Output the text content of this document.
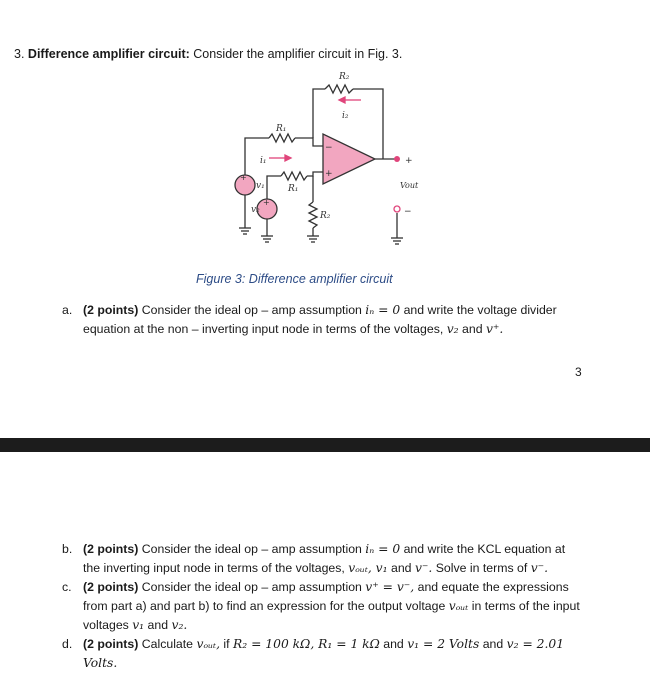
3. Difference amplifier circuit: Consider the amplifier circuit in Fig. 3.
+
+
−
+
+
−
Vout
R₂
i₂
R₁
i₁
R₁
R₂
v₁
v₂
Figure 3: Difference amplifier circuit
a. (2 points) Consider the ideal op – amp assumption iₙ = 0 and write the voltage divider equation at the non – inverting input node in terms of the voltages, v₂ and v⁺.
3
b. (2 points) Consider the ideal op – amp assumption iₙ = 0 and write the KCL equation at the inverting input node in terms of the voltages, vₒᵤₜ, v₁ and v⁻. Solve in terms of v⁻.
c. (2 points) Consider the ideal op – amp assumption v⁺ = v⁻, and equate the expressions from part a) and part b) to find an expression for the output voltage vₒᵤₜ in terms of the input voltages v₁ and v₂.
d. (2 points) Calculate vₒᵤₜ, if R₂ = 100 kΩ, R₁ = 1 kΩ and v₁ = 2 Volts and v₂ = 2.01 Volts.
